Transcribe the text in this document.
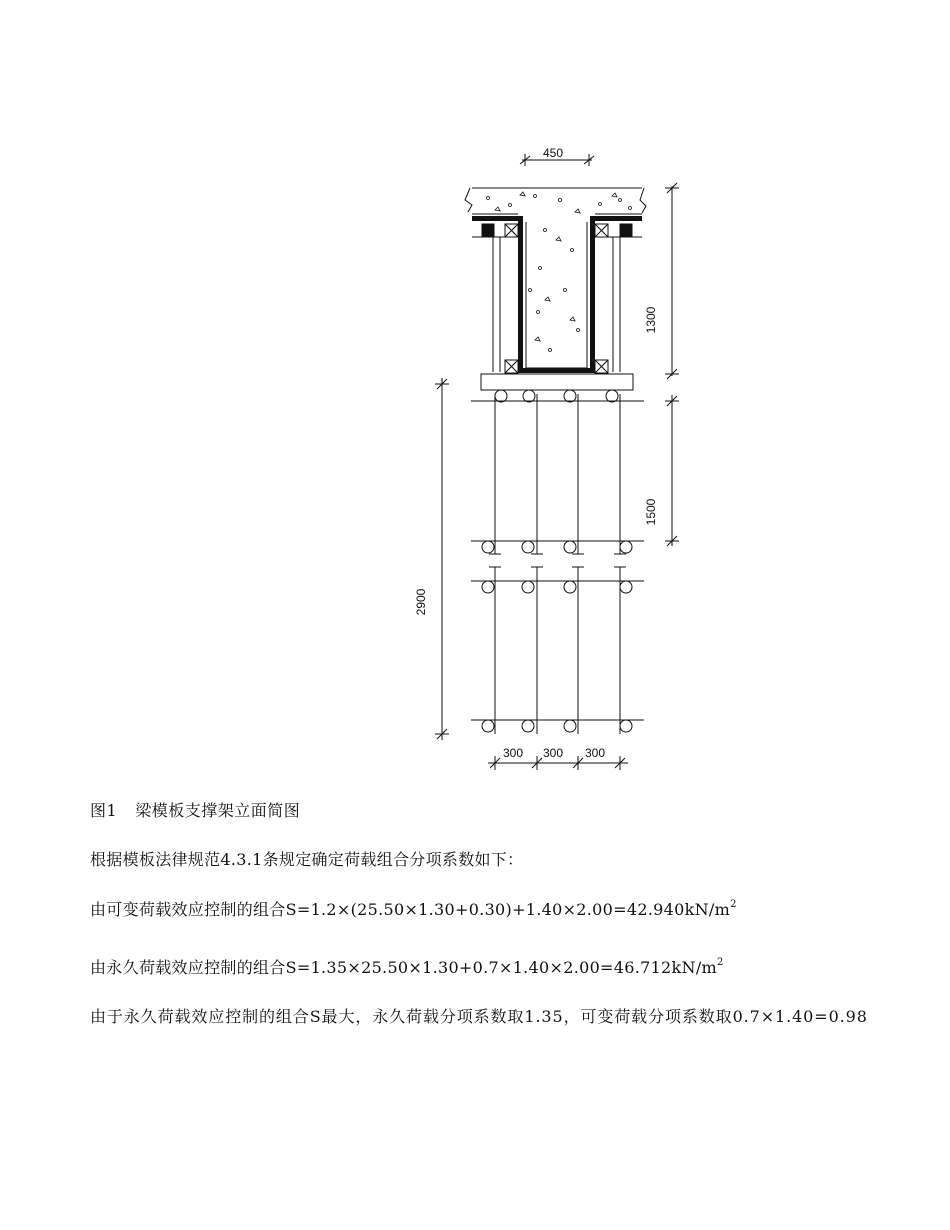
450
1300
1500
2900
300 300 300
图1 梁模板支撑架立面简图
根据模板法律规范4.3.1条规定确定荷载组合分项系数如下：
由可变荷载效应控制的组合$S=1.2\times(25.50\times 1.30+0.30)+1.40\times 2.00=42.940kN/m^2$
由永久荷载效应控制的组合$S=1.35\times 25.50\times 1.30+0.7\times 1.40\times 2.00=46.712kN/m^2$
由于永久荷载效应控制的组合S最大，永久荷载分项系数取1.35，可变荷载分项系数取0.7×1.40=0.98
